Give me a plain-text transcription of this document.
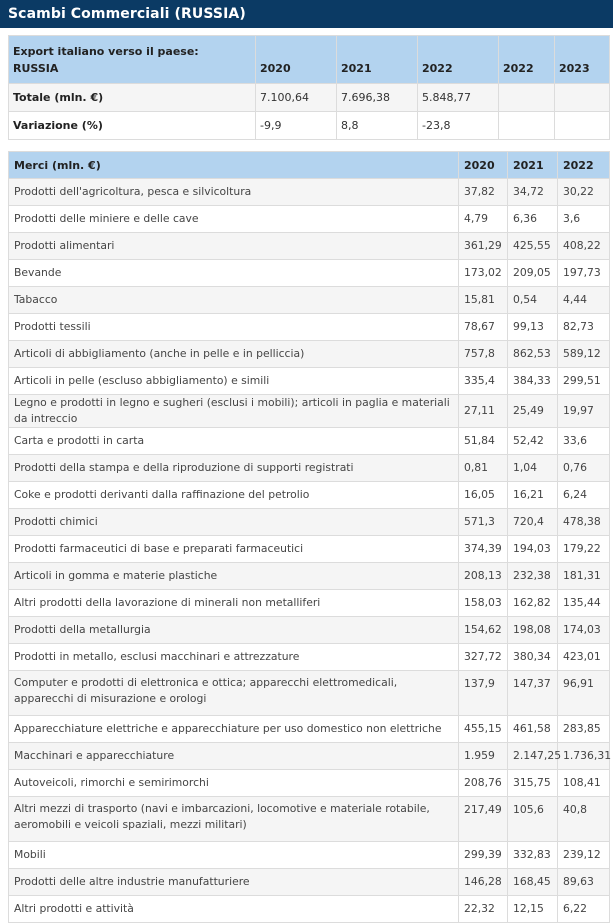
Scambi Commerciali (RUSSIA)
Export italiano verso il paese:
RUSSIA	2020	2021	2022	2022	2023
Totale (mln. €)	7.100,64	7.696,38	5.848,77		
Variazione (%)	-9,9	8,8	-23,8		
Merci (mln. €)	2020	2021	2022
Prodotti dell'agricoltura, pesca e silvicoltura	37,82	34,72	30,22
Prodotti delle miniere e delle cave	4,79	6,36	3,6
Prodotti alimentari	361,29	425,55	408,22
Bevande	173,02	209,05	197,73
Tabacco	15,81	0,54	4,44
Prodotti tessili	78,67	99,13	82,73
Articoli di abbigliamento (anche in pelle e in pelliccia)	757,8	862,53	589,12
Articoli in pelle (escluso abbigliamento) e simili	335,4	384,33	299,51
Legno e prodotti in legno e sugheri (esclusi i mobili); articoli in paglia e materiali da intreccio	27,11	25,49	19,97
Carta e prodotti in carta	51,84	52,42	33,6
Prodotti della stampa e della riproduzione di supporti registrati	0,81	1,04	0,76
Coke e prodotti derivanti dalla raffinazione del petrolio	16,05	16,21	6,24
Prodotti chimici	571,3	720,4	478,38
Prodotti farmaceutici di base e preparati farmaceutici	374,39	194,03	179,22
Articoli in gomma e materie plastiche	208,13	232,38	181,31
Altri prodotti della lavorazione di minerali non metalliferi	158,03	162,82	135,44
Prodotti della metallurgia	154,62	198,08	174,03
Prodotti in metallo, esclusi macchinari e attrezzature	327,72	380,34	423,01
Computer e prodotti di elettronica e ottica; apparecchi elettromedicali, apparecchi di misurazione e orologi	137,9	147,37	96,91
Apparecchiature elettriche e apparecchiature per uso domestico non elettriche	455,15	461,58	283,85
Macchinari e apparecchiature	1.959	2.147,25	1.736,31
Autoveicoli, rimorchi e semirimorchi	208,76	315,75	108,41
Altri mezzi di trasporto (navi e imbarcazioni, locomotive e materiale rotabile, aeromobili e veicoli spaziali, mezzi militari)	217,49	105,6	40,8
Mobili	299,39	332,83	239,12
Prodotti delle altre industrie manufatturiere	146,28	168,45	89,63
Altri prodotti e attività	22,32	12,15	6,22
